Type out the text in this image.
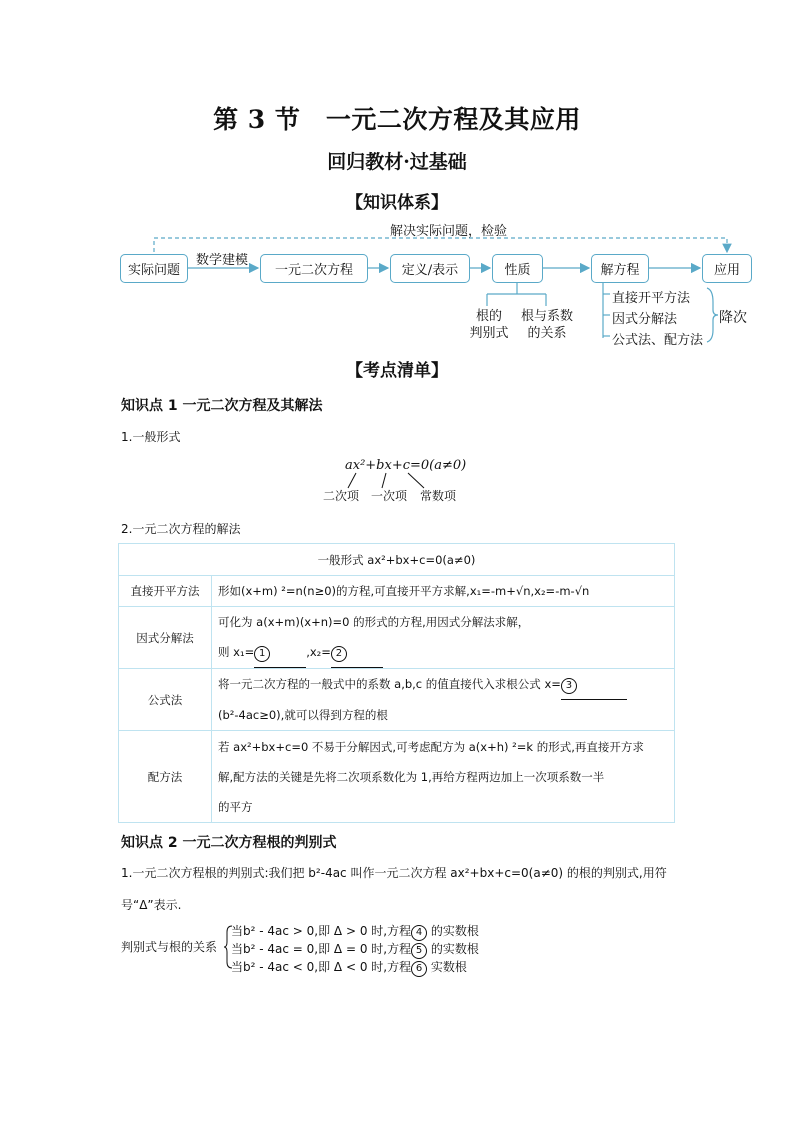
第 3 节　一元二次方程及其应用
回归教材·过基础
【知识体系】
解决实际问题，检验
数学建模
实际问题	一元二次方程	定义/表示	性质	解方程	应用
根的
判别式
根与系数
的关系
直接开平方法
因式分解法
公式法、配方法
降次
【考点清单】
知识点 1 一元二次方程及其解法
1.一般形式
ax²+bx+c=0(a≠0)
二次项 一次项 常数项
2.一元二次方程的解法
一般形式 ax²+bx+c=0(a≠0)	
直接开平方法	形如(x+m) ²=n(n≥0)的方程,可直接开平方求解,x₁=-m+√n,x₂=-m-√n
因式分解法	可化为 a(x+m)(x+n)=0 的形式的方程,用因式分解法求解，
则 x₁= 1 ,x₂= 2

公式法	将一元二次方程的一般式中的系数 a,b,c 的值直接代入求根公式 x= 3
(b²-4ac≥0),就可以得到方程的根

配方法	若 ax²+bx+c=0 不易于分解因式,可考虑配方为 a(x+h) ²=k 的形式,再直接开方求
解,配方法的关键是先将二次项系数化为 1,再给方程两边加上一次项系数一半
的平方
知识点 2 一元二次方程根的判别式
1.一元二次方程根的判别式:我们把 b²-4ac 叫作一元二次方程 ax²+bx+c=0(a≠0) 的根的判别式,用符
号“Δ”表示.
判别式与根的关系
当b² - 4ac > 0,即 Δ > 0 时,方程 4 的实数根
当b² - 4ac = 0,即 Δ = 0 时,方程 5 的实数根
当b² - 4ac < 0,即 Δ < 0 时,方程 6 实数根
